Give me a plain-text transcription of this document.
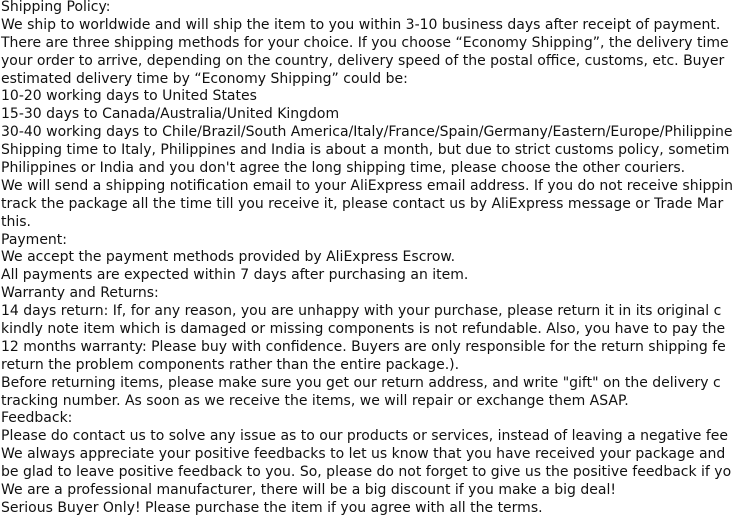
Shipping Policy:
We ship to worldwide and will ship the item to you within 3-10 business days after receipt of payment.
There are three shipping methods for your choice. If you choose “Economy Shipping”, the delivery time
your order to arrive, depending on the country, delivery speed of the postal office, customs, etc. Buyer
estimated delivery time by “Economy Shipping” could be:
10-20 working days to United States
15-30 days to Canada/Australia/United Kingdom
30-40 working days to Chile/Brazil/South America/Italy/France/Spain/Germany/Eastern/Europe/Philippine
Shipping time to Italy, Philippines and India is about a month, but due to strict customs policy, sometim
Philippines or India and you don't agree the long shipping time, please choose the other couriers.
We will send a shipping notification email to your AliExpress email address. If you do not receive shippin
track the package all the time till you receive it, please contact us by AliExpress message or Trade Mar
this.
Payment:
We accept the payment methods provided by AliExpress Escrow.
All payments are expected within 7 days after purchasing an item.
Warranty and Returns:
14 days return: If, for any reason, you are unhappy with your purchase, please return it in its original c
kindly note item which is damaged or missing components is not refundable. Also, you have to pay the
12 months warranty: Please buy with confidence. Buyers are only responsible for the return shipping fe
return the problem components rather than the entire package.).
Before returning items, please make sure you get our return address, and write "gift" on the delivery c
tracking number. As soon as we receive the items, we will repair or exchange them ASAP.
Feedback:
Please do contact us to solve any issue as to our products or services, instead of leaving a negative fee
We always appreciate your positive feedbacks to let us know that you have received your package and
be glad to leave positive feedback to you. So, please do not forget to give us the positive feedback if yo
We are a professional manufacturer, there will be a big discount if you make a big deal!
Serious Buyer Only! Please purchase the item if you agree with all the terms.
